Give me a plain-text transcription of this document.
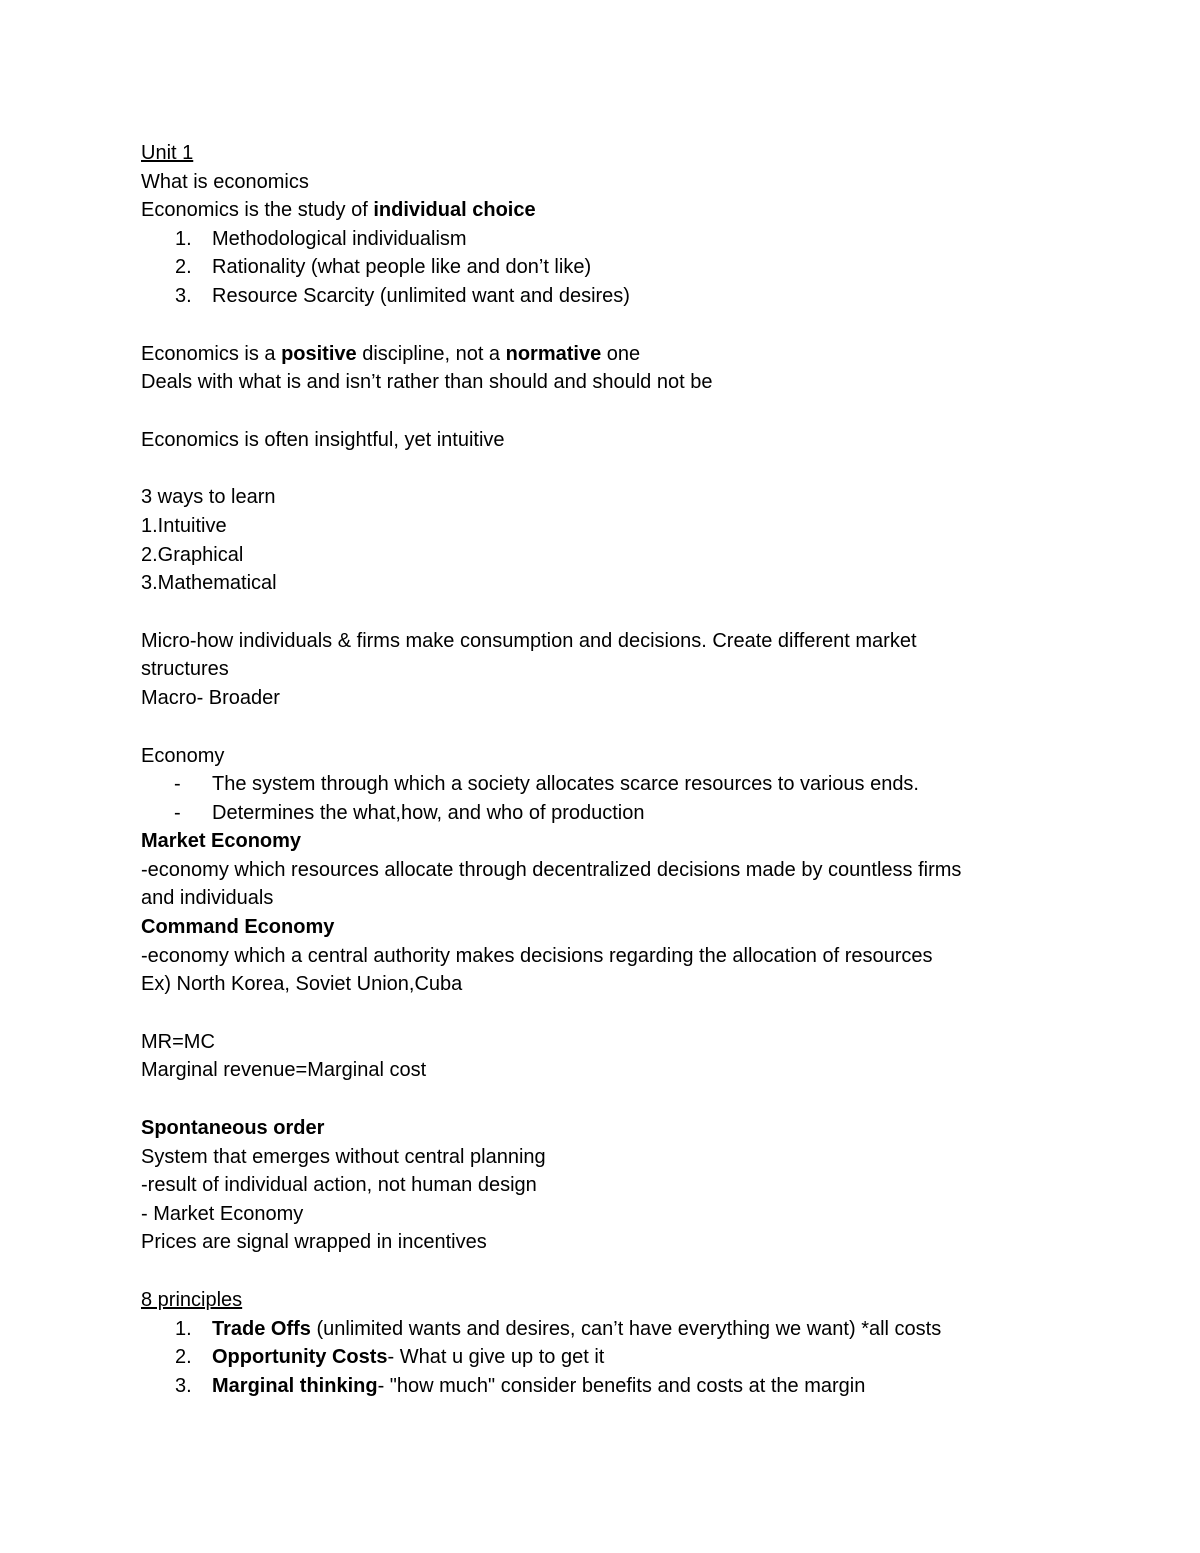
Unit 1
What is economics
Economics is the study of individual choice
1. Methodological individualism
2. Rationality (what people like and don’t like)
3. Resource Scarcity (unlimited want and desires)
Economics is a positive discipline, not a normative one
Deals with what is and isn’t rather than should and should not be
Economics is often insightful, yet intuitive
3 ways to learn
1.Intuitive
2.Graphical
3.Mathematical
Micro-how individuals & firms make consumption and decisions. Create different market
structures
Macro- Broader
Economy
- The system through which a society allocates scarce resources to various ends.
- Determines the what,how, and who of production
Market Economy
-economy which resources allocate through decentralized decisions made by countless firms
and individuals
Command Economy
-economy which a central authority makes decisions regarding the allocation of resources
Ex) North Korea, Soviet Union,Cuba
MR=MC
Marginal revenue=Marginal cost
Spontaneous order
System that emerges without central planning
-result of individual action, not human design
- Market Economy
Prices are signal wrapped in incentives
8 principles
1. Trade Offs (unlimited wants and desires, can’t have everything we want) *all costs
2. Opportunity Costs- What u give up to get it
3. Marginal thinking- "how much" consider benefits and costs at the margin
